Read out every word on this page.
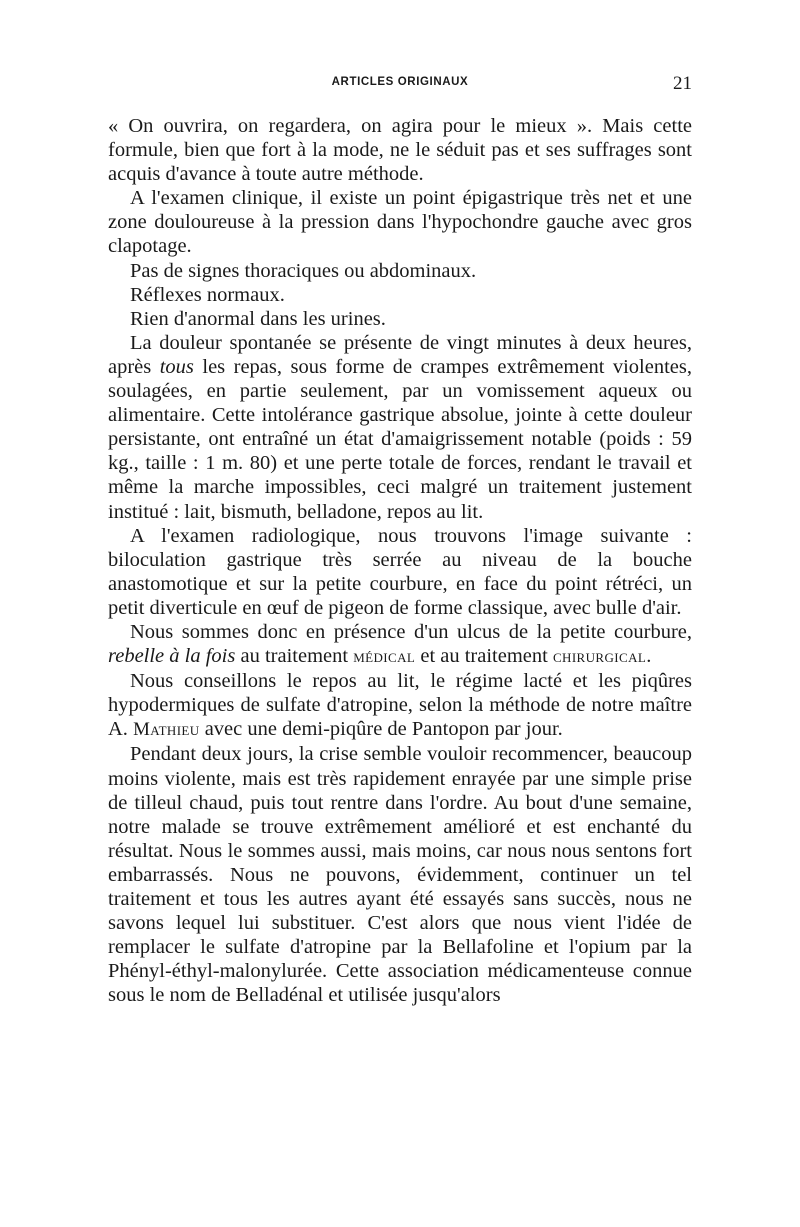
ARTICLES ORIGINAUX	21

« On ouvrira, on regardera, on agira pour le mieux ». Mais cette formule, bien que fort à la mode, ne le séduit pas et ses suffrages sont acquis d'avance à toute autre méthode.

A l'examen clinique, il existe un point épigastrique très net et une zone douloureuse à la pression dans l'hypochondre gauche avec gros clapotage.

Pas de signes thoraciques ou abdominaux.

Réflexes normaux.

Rien d'anormal dans les urines.

La douleur spontanée se présente de vingt minutes à deux heures, après tous les repas, sous forme de crampes extrêmement violentes, soulagées, en partie seulement, par un vomissement aqueux ou alimentaire. Cette intolérance gastrique absolue, jointe à cette douleur persistante, ont entraîné un état d'amaigrissement notable (poids : 59 kg., taille : 1 m. 80) et une perte totale de forces, rendant le travail et même la marche impossibles, ceci malgré un traitement justement institué : lait, bismuth, belladone, repos au lit.

A l'examen radiologique, nous trouvons l'image suivante : biloculation gastrique très serrée au niveau de la bouche anastomotique et sur la petite courbure, en face du point rétréci, un petit diverticule en œuf de pigeon de forme classique, avec bulle d'air.

Nous sommes donc en présence d'un ulcus de la petite courbure, rebelle à la fois au traitement médical et au traitement chirurgical.

Nous conseillons le repos au lit, le régime lacté et les piqûres hypodermiques de sulfate d'atropine, selon la méthode de notre maître A. Mathieu avec une demi-piqûre de Pantopon par jour.

Pendant deux jours, la crise semble vouloir recommencer, beaucoup moins violente, mais est très rapidement enrayée par une simple prise de tilleul chaud, puis tout rentre dans l'ordre. Au bout d'une semaine, notre malade se trouve extrêmement amélioré et est enchanté du résultat. Nous le sommes aussi, mais moins, car nous nous sentons fort embarrassés. Nous ne pouvons, évidemment, continuer un tel traitement et tous les autres ayant été essayés sans succès, nous ne savons lequel lui substituer. C'est alors que nous vient l'idée de remplacer le sulfate d'atropine par la Bellafoline et l'opium par la Phényl-éthyl-malonylurée. Cette association médicamenteuse connue sous le nom de Belladénal et utilisée jusqu'alors
